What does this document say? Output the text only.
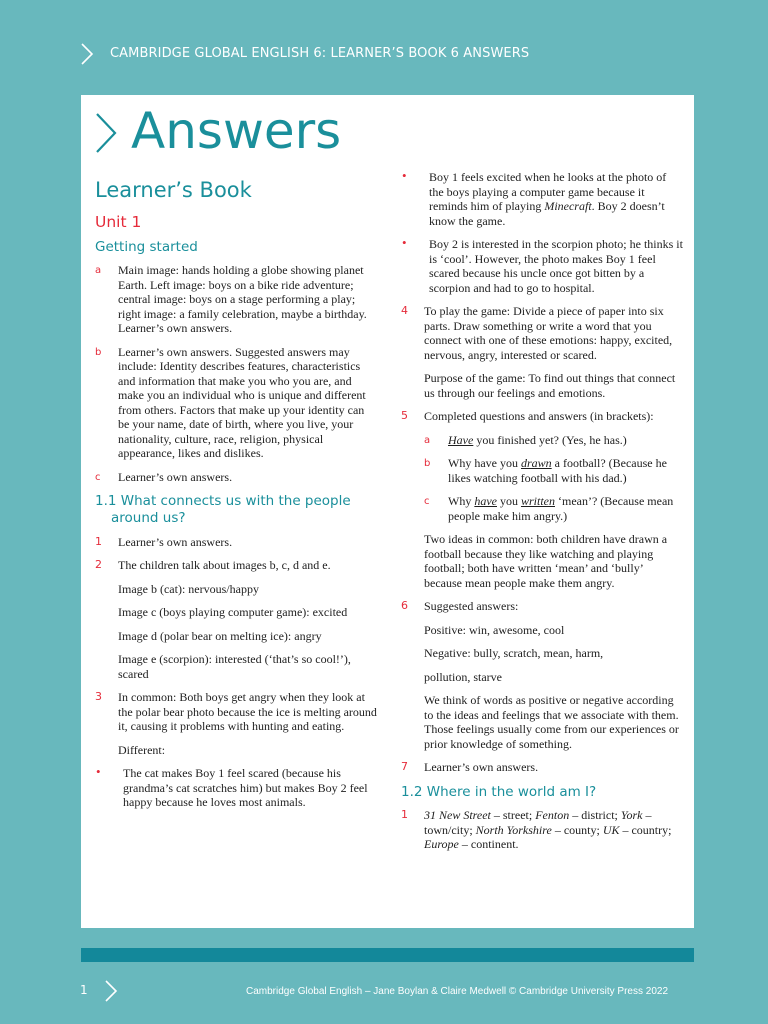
CAMBRIDGE GLOBAL ENGLISH 6: LEARNER’S BOOK 6 ANSWERS
Answers
Learner’s Book
Unit 1
Getting started
a Main image: hands holding a globe showing planet Earth. Left image: boys on a bike ride adventure; central image: boys on a stage performing a play; right image: a family celebration, maybe a birthday. Learner’s own answers.
b Learner’s own answers. Suggested answers may include: Identity describes features, characteristics and information that make you who you are, and make you an individual who is unique and different from others. Factors that make up your identity can be your name, date of birth, where you live, your nationality, culture, race, religion, physical appearance, likes and dislikes.
c Learner’s own answers.
1.1 What connects us with the people around us?
1 Learner’s own answers.
2 The children talk about images b, c, d and e.
Image b (cat): nervous/happy
Image c (boys playing computer game): excited
Image d (polar bear on melting ice): angry
Image e (scorpion): interested (‘that’s so cool!’), scared
3 In common: Both boys get angry when they look at the polar bear photo because the ice is melting around it, causing it problems with hunting and eating.
Different:
• The cat makes Boy 1 feel scared (because his grandma’s cat scratches him) but makes Boy 2 feel happy because he loves most animals.
• Boy 1 feels excited when he looks at the photo of the boys playing a computer game because it reminds him of playing Minecraft. Boy 2 doesn’t know the game.
• Boy 2 is interested in the scorpion photo; he thinks it is ‘cool’. However, the photo makes Boy 1 feel scared because his uncle once got bitten by a scorpion and had to go to hospital.
4 To play the game: Divide a piece of paper into six parts. Draw something or write a word that you connect with one of these emotions: happy, excited, nervous, angry, interested or scared.
Purpose of the game: To find out things that connect us through our feelings and emotions.
5 Completed questions and answers (in brackets):
a Have you finished yet? (Yes, he has.)
b Why have you drawn a football? (Because he likes watching football with his dad.)
c Why have you written ‘mean’? (Because mean people make him angry.)
Two ideas in common: both children have drawn a football because they like watching and playing football; both have written ‘mean’ and ‘bully’ because mean people make them angry.
6 Suggested answers:
Positive: win, awesome, cool
Negative: bully, scratch, mean, harm,
pollution, starve
We think of words as positive or negative according to the ideas and feelings that we associate with them. Those feelings usually come from our experiences or prior knowledge of something.
7 Learner’s own answers.
1.2 Where in the world am I?
1 31 New Street – street; Fenton – district; York – town/city; North Yorkshire – county; UK – country; Europe – continent.
1	Cambridge Global English – Jane Boylan & Claire Medwell © Cambridge University Press 2022
